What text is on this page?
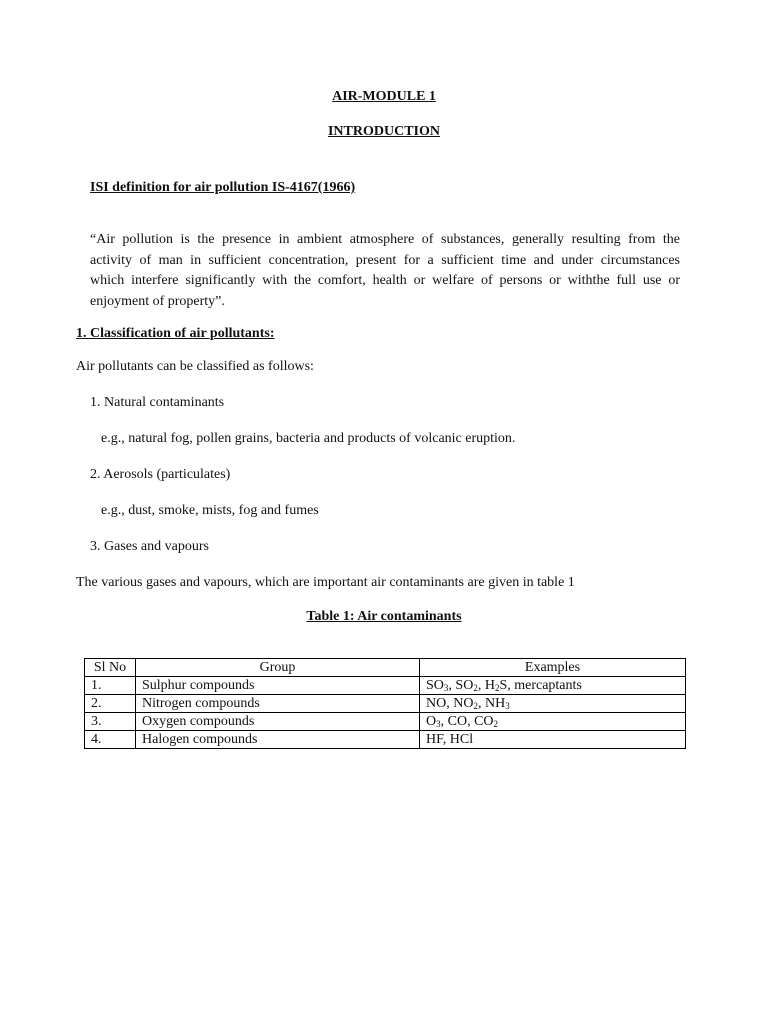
AIR-MODULE 1
INTRODUCTION
ISI definition for air pollution IS-4167(1966)
“Air pollution is the presence in ambient atmosphere of substances, generally resulting from the
activity of man in sufficient concentration, present for a sufficient time and under circumstances
which interfere significantly with the comfort, health or welfare of persons or withthe full use or
enjoyment of property”.
1. Classification of air pollutants:
Air pollutants can be classified as follows:
1. Natural contaminants
e.g., natural fog, pollen grains, bacteria and products of volcanic eruption.
2. Aerosols (particulates)
e.g., dust, smoke, mists, fog and fumes
3. Gases and vapours
The various gases and vapours, which are important air contaminants are given in table 1
Table 1: Air contaminants
Sl No	Group	Examples
1.	Sulphur compounds	$SO_3$, $SO_2$, $H_2S$, mercaptants
2.	Nitrogen compounds	NO, $NO_2$, $NH_3$
3.	Oxygen compounds	$O_3$, CO, $CO_2$
4.	Halogen compounds	HF, HCl
